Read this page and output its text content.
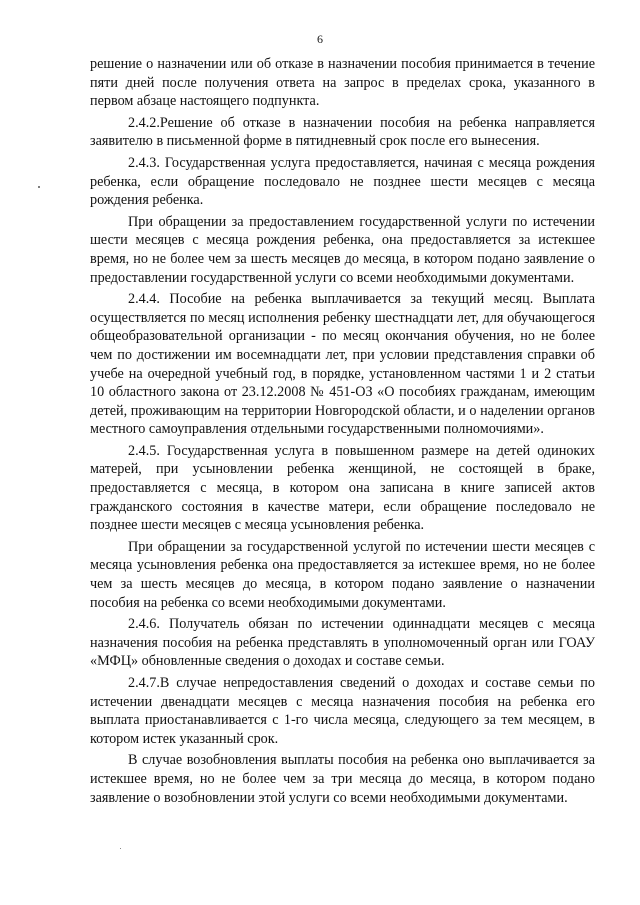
6

решение о назначении или об отказе в назначении пособия принимается в течение пяти дней после получения ответа на запрос в пределах срока, указанного в первом абзаце настоящего подпункта.

2.4.2.Решение об отказе в назначении пособия на ребенка направляется заявителю в письменной форме в пятидневный срок после его вынесения.

2.4.3. Государственная услуга предоставляется, начиная с месяца рождения ребенка, если обращение последовало не позднее шести месяцев с месяца рождения ребенка.

При обращении за предоставлением государственной услуги по истечении шести месяцев с месяца рождения ребенка, она предоставляется за истекшее время, но не более чем за шесть месяцев до месяца, в котором подано заявление о предоставлении государственной услуги со всеми необходимыми документами.

2.4.4. Пособие на ребенка выплачивается за текущий месяц. Выплата осуществляется по месяц исполнения ребенку шестнадцати лет, для обучающегося общеобразовательной организации - по месяц окончания обучения, но не более чем по достижении им восемнадцати лет, при условии представления справки об учебе на очередной учебный год, в порядке, установленном частями 1 и 2 статьи 10 областного закона от 23.12.2008 № 451-ОЗ «О пособиях гражданам, имеющим детей, проживающим на территории Новгородской области, и о наделении органов местного самоуправления отдельными государственными полномочиями».

2.4.5. Государственная услуга в повышенном размере на детей одиноких матерей, при усыновлении ребенка женщиной, не состоящей в браке, предоставляется с месяца, в котором она записана в книге записей актов гражданского состояния в качестве матери, если обращение последовало не позднее шести месяцев с месяца усыновления ребенка.

При обращении за государственной услугой по истечении шести месяцев с месяца усыновления ребенка она предоставляется за истекшее время, но не более чем за шесть месяцев до месяца, в котором подано заявление о назначении пособия на ребенка со всеми необходимыми документами.

2.4.6. Получатель обязан по истечении одиннадцати месяцев с месяца назначения пособия на ребенка представлять в уполномоченный орган или ГОАУ «МФЦ» обновленные сведения о доходах и составе семьи.

2.4.7.В случае непредоставления сведений о доходах и составе семьи по истечении двенадцати месяцев с месяца назначения пособия на ребенка его выплата приостанавливается с 1-го числа месяца, следующего за тем месяцем, в котором истек указанный срок.

В случае возобновления выплаты пособия на ребенка оно выплачивается за истекшее время, но не более чем за три месяца до месяца, в котором подано заявление о возобновлении этой услуги со всеми необходимыми документами.
